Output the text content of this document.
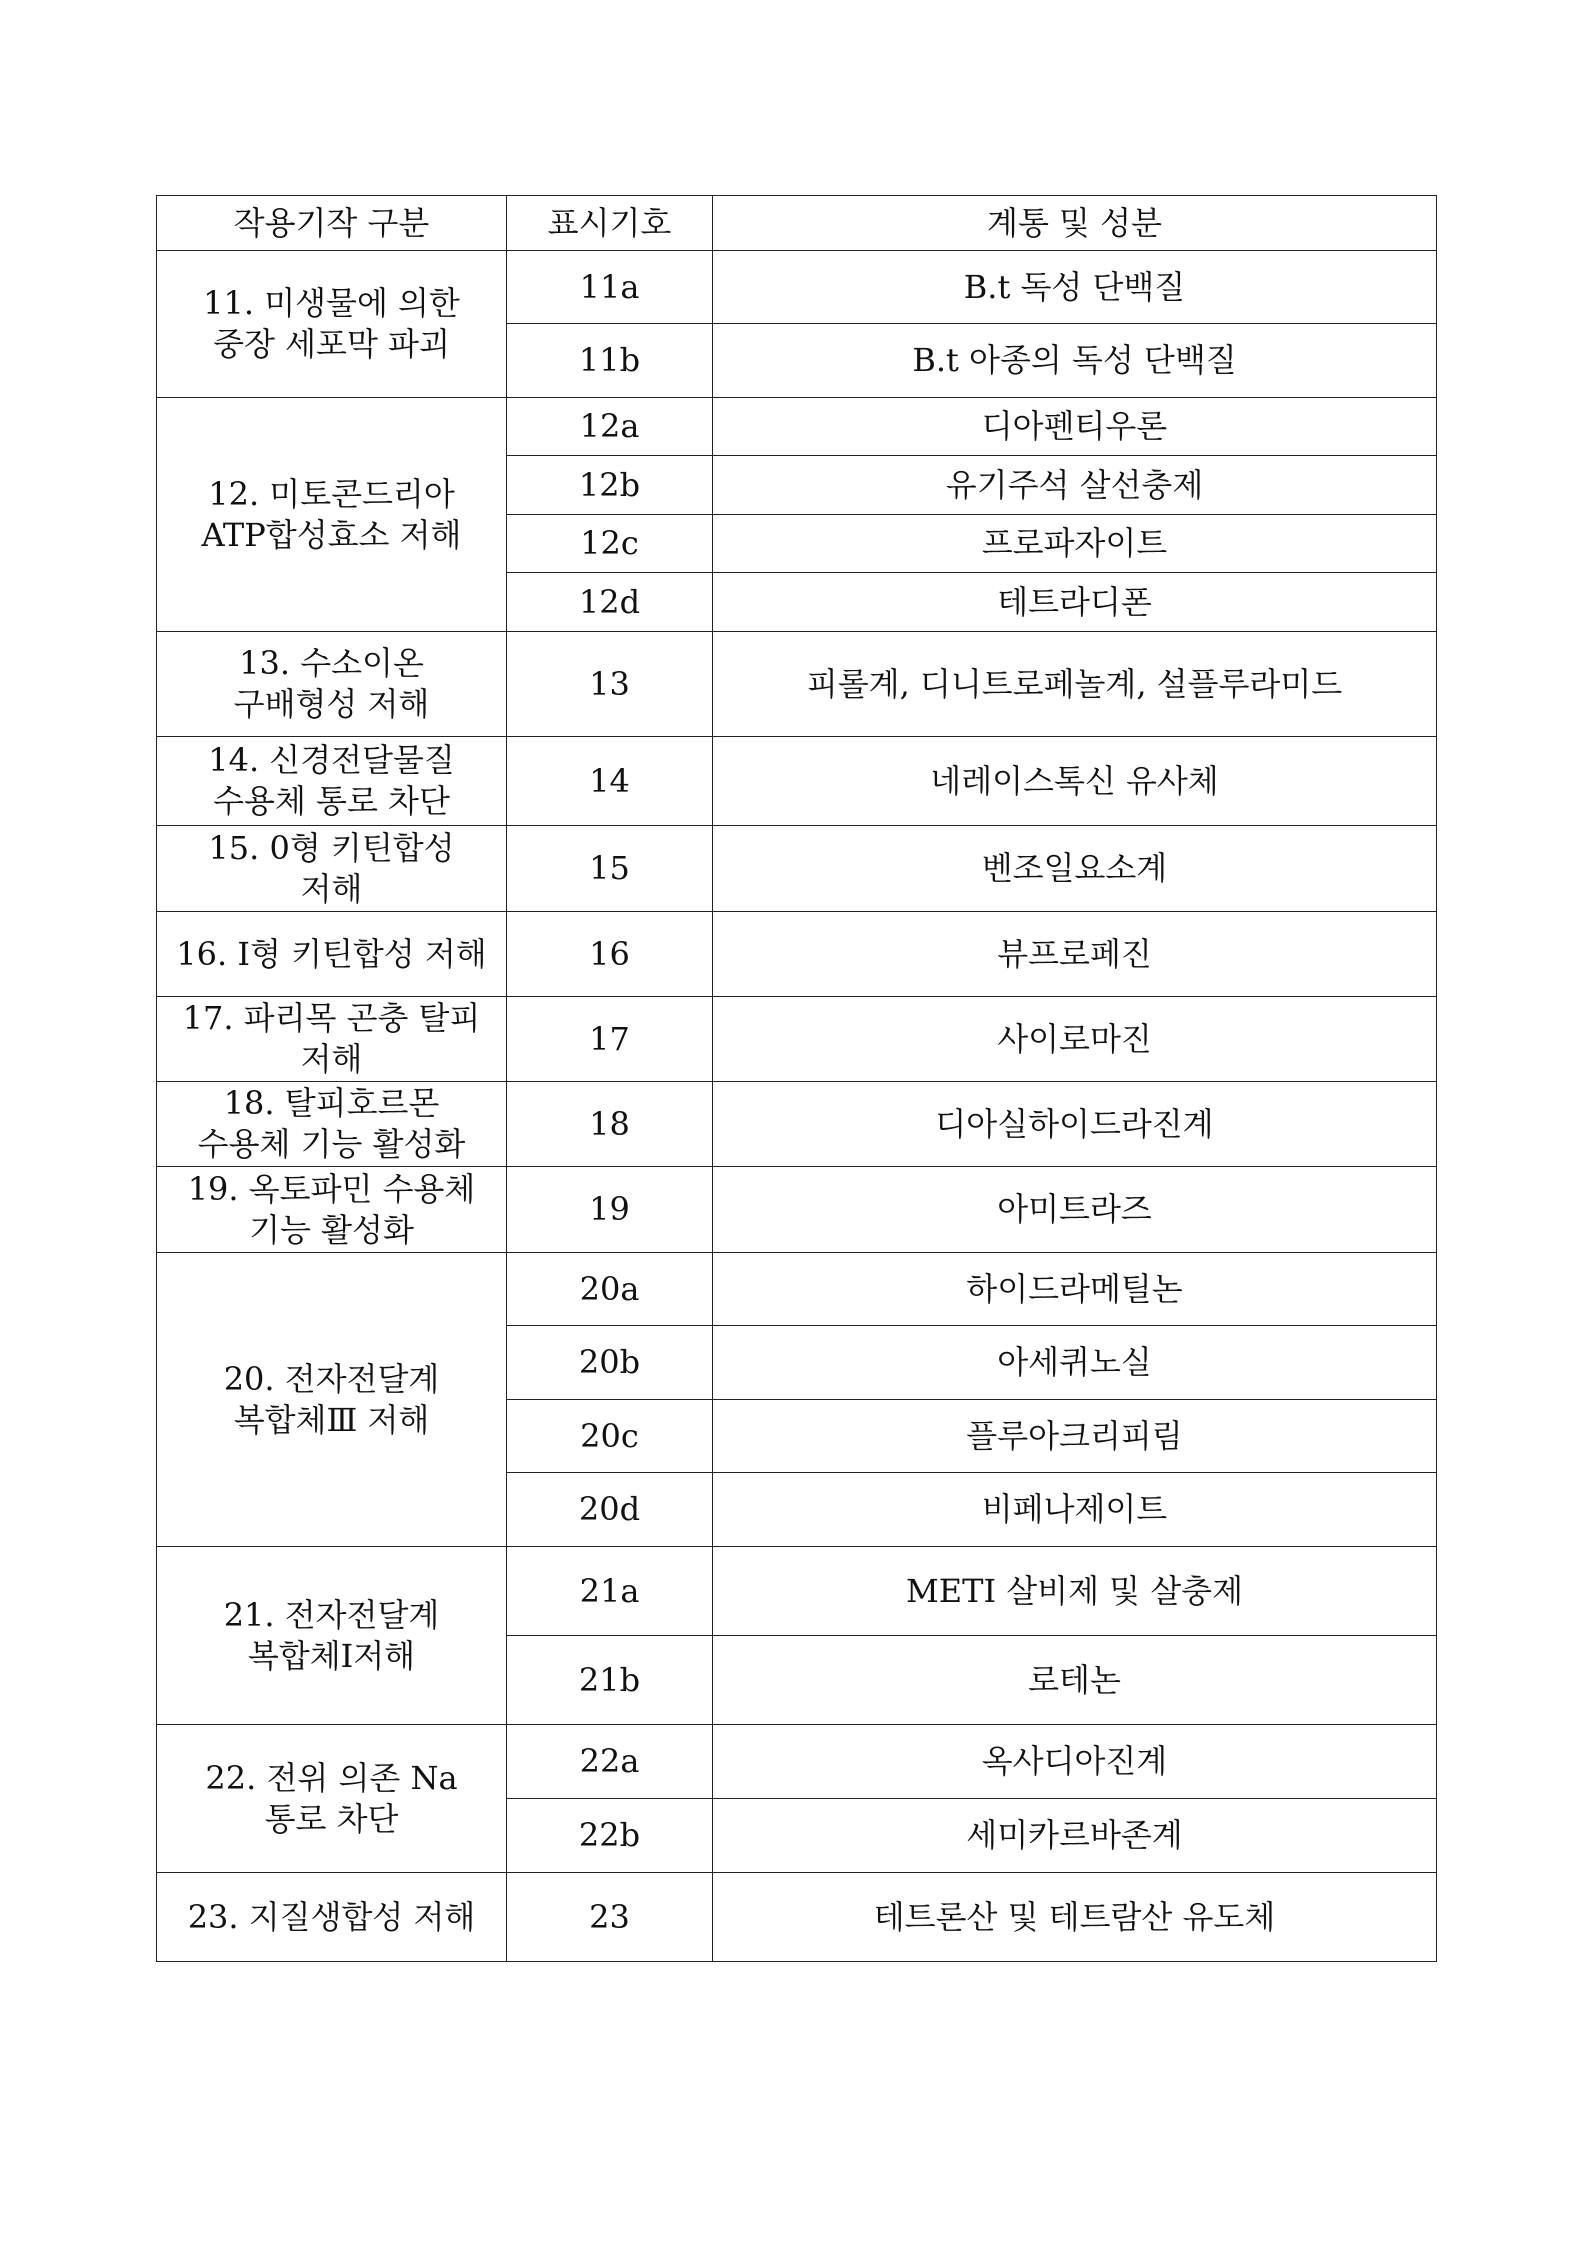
작용기작 구분	표시기호	계통 및 성분
11. 미생물에 의한
중장 세포막 파괴	11a	B.t 독성 단백질
	11b	B.t 아종의 독성 단백질
12. 미토콘드리아
ATP합성효소 저해	12a	디아펜티우론
	12b	유기주석 살선충제
	12c	프로파자이트
	12d	테트라디폰
13. 수소이온
구배형성 저해	13	피롤계, 디니트로페놀계, 설플루라미드
14. 신경전달물질
수용체 통로 차단	14	네레이스톡신 유사체
15. 0형 키틴합성
저해	15	벤조일요소계
16. Ⅰ형 키틴합성 저해	16	뷰프로페진
17. 파리목 곤충 탈피
저해	17	사이로마진
18. 탈피호르몬
수용체 기능 활성화	18	디아실하이드라진계
19. 옥토파민 수용체
기능 활성화	19	아미트라즈
20. 전자전달계
복합체Ⅲ 저해	20a	하이드라메틸논
	20b	아세퀴노실
	20c	플루아크리피림
	20d	비페나제이트
21. 전자전달계
복합체Ⅰ저해	21a	METI 살비제 및 살충제
	21b	로테논
22. 전위 의존 Na
통로 차단	22a	옥사디아진계
	22b	세미카르바존계
23. 지질생합성 저해	23	테트론산 및 테트람산 유도체
